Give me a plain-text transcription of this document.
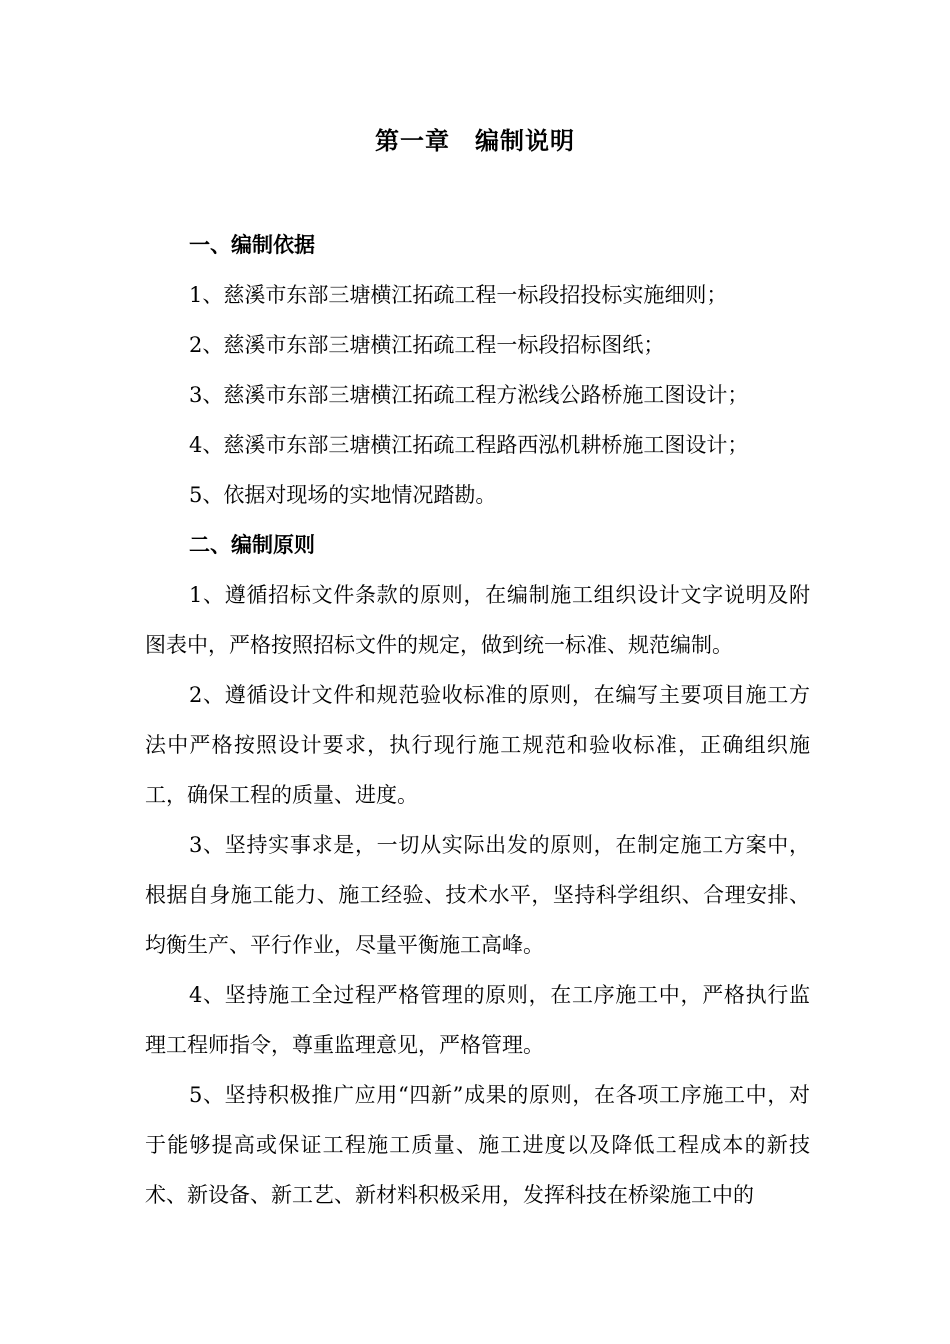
第一章　编制说明

一、编制依据

1、慈溪市东部三塘横江拓疏工程一标段招投标实施细则；

2、慈溪市东部三塘横江拓疏工程一标段招标图纸；

3、慈溪市东部三塘横江拓疏工程方淞线公路桥施工图设计；

4、慈溪市东部三塘横江拓疏工程路西泓机耕桥施工图设计；

5、依据对现场的实地情况踏勘。

二、编制原则

1、遵循招标文件条款的原则，在编制施工组织设计文字说明及附图表中，严格按照招标文件的规定，做到统一标准、规范编制。

2、遵循设计文件和规范验收标准的原则，在编写主要项目施工方法中严格按照设计要求，执行现行施工规范和验收标准，正确组织施工，确保工程的质量、进度。

3、坚持实事求是，一切从实际出发的原则，在制定施工方案中，根据自身施工能力、施工经验、技术水平，坚持科学组织、合理安排、均衡生产、平行作业，尽量平衡施工高峰。

4、坚持施工全过程严格管理的原则，在工序施工中，严格执行监理工程师指令，尊重监理意见，严格管理。

5、坚持积极推广应用“四新”成果的原则，在各项工序施工中，对于能够提高或保证工程施工质量、施工进度以及降低工程成本的新技术、新设备、新工艺、新材料积极采用，发挥科技在桥梁施工中的
